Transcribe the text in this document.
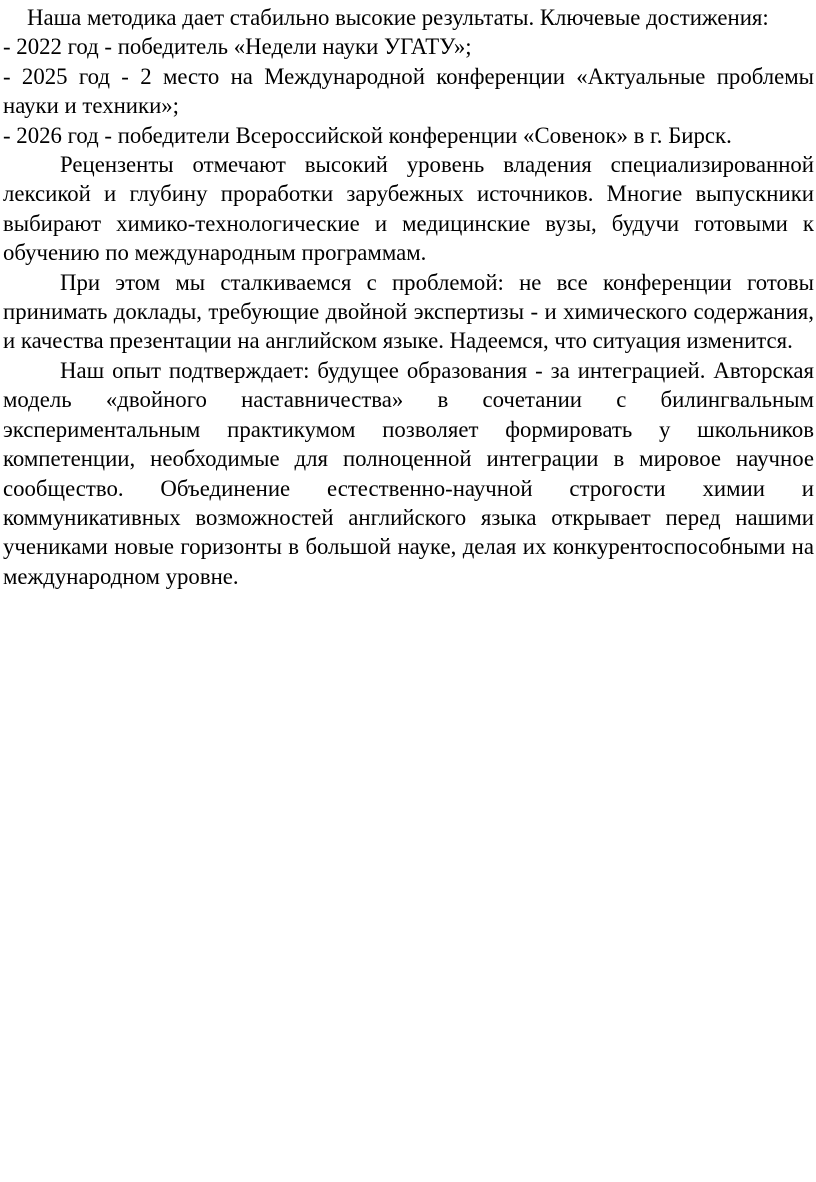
Наша методика дает стабильно высокие результаты. Ключевые достижения:

- 2022 год - победитель «Недели науки УГАТУ»;

- 2025 год - 2 место на Международной конференции «Актуальные проблемы науки и техники»;

- 2026 год - победители Всероссийской конференции «Совенок» в г. Бирск.

Рецензенты отмечают высокий уровень владения специализированной лексикой и глубину проработки зарубежных источников. Многие выпускники выбирают химико-технологические и медицинские вузы, будучи готовыми к обучению по международным программам.

При этом мы сталкиваемся с проблемой: не все конференции готовы принимать доклады, требующие двойной экспертизы - и химического содержания, и качества презентации на английском языке. Надеемся, что ситуация изменится.

Наш опыт подтверждает: будущее образования - за интеграцией. Авторская модель «двойного наставничества» в сочетании с билингвальным экспериментальным практикумом позволяет формировать у школьников компетенции, необходимые для полноценной интеграции в мировое научное сообщество. Объединение естественно-научной строгости химии и коммуникативных возможностей английского языка открывает перед нашими учениками новые горизонты в большой науке, делая их конкурентоспособными на международном уровне.
